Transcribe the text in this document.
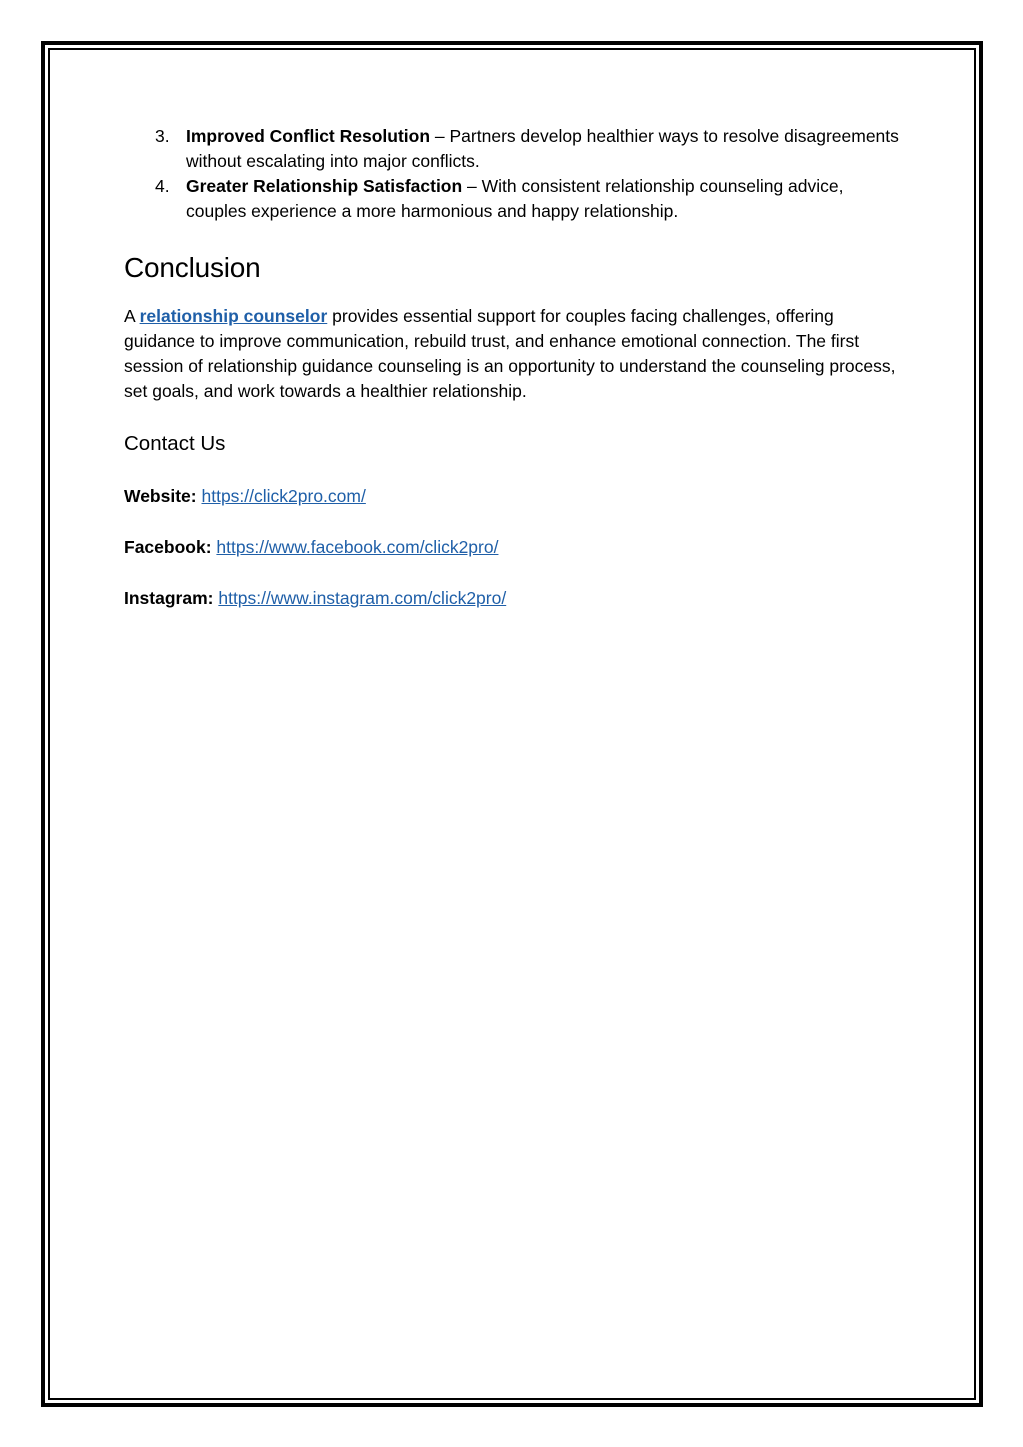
3. Improved Conflict Resolution – Partners develop healthier ways to resolve disagreements without escalating into major conflicts.
4. Greater Relationship Satisfaction – With consistent relationship counseling advice, couples experience a more harmonious and happy relationship.
Conclusion

A relationship counselor provides essential support for couples facing challenges, offering guidance to improve communication, rebuild trust, and enhance emotional connection. The first session of relationship guidance counseling is an opportunity to understand the counseling process, set goals, and work towards a healthier relationship.

Contact Us
Website: https://click2pro.com/
Facebook: https://www.facebook.com/click2pro/
Instagram: https://www.instagram.com/click2pro/
